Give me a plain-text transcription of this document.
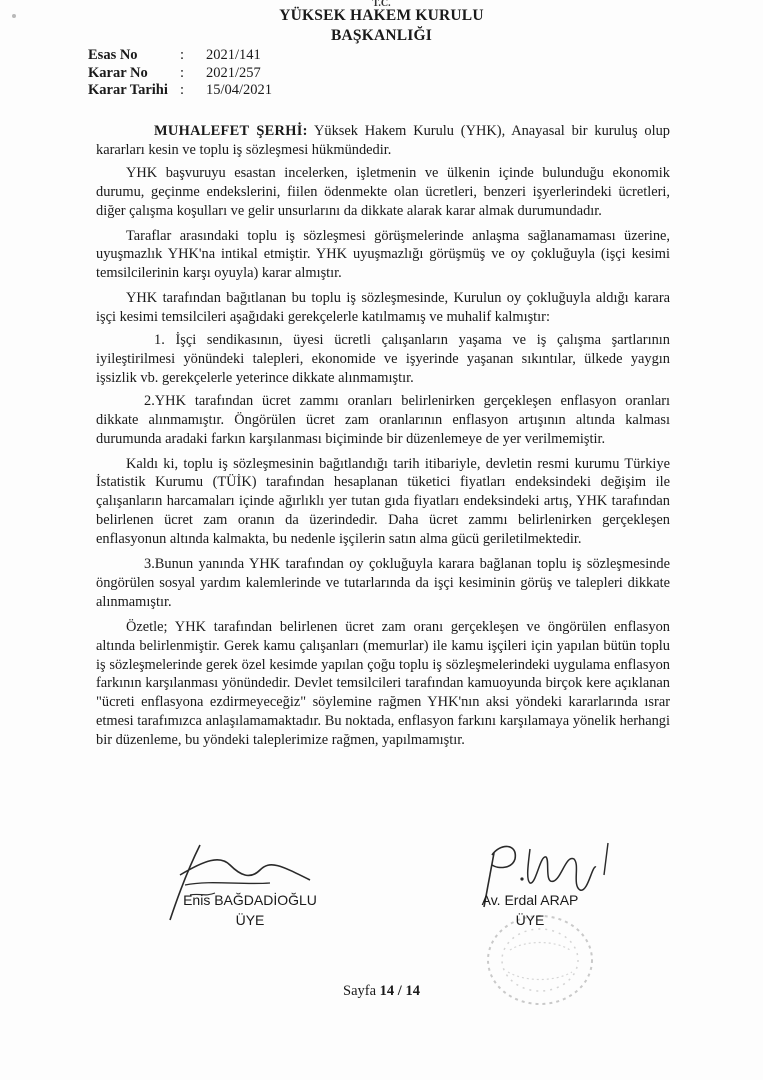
T.C.
YÜKSEK HAKEM KURULU
BAŞKANLIĞI
Esas No	:	2021/141
Karar No	:	2021/257
Karar Tarihi :	15/04/2021

MUHALEFET ŞERHİ: Yüksek Hakem Kurulu (YHK), Anayasal bir kuruluş olup kararları kesin ve toplu iş sözleşmesi hükmündedir.

YHK başvuruyu esastan incelerken, işletmenin ve ülkenin içinde bulunduğu ekonomik durumu, geçinme endekslerini, fiilen ödenmekte olan ücretleri, benzeri işyerlerindeki ücretleri, diğer çalışma koşulları ve gelir unsurlarını da dikkate alarak karar almak durumundadır.

Taraflar arasındaki toplu iş sözleşmesi görüşmelerinde anlaşma sağlanamaması üzerine, uyuşmazlık YHK'na intikal etmiştir. YHK uyuşmazlığı görüşmüş ve oy çokluğuyla (işçi kesimi temsilcilerinin karşı oyuyla) karar almıştır.

YHK tarafından bağıtlanan bu toplu iş sözleşmesinde, Kurulun oy çokluğuyla aldığı karara işçi kesimi temsilcileri aşağıdaki gerekçelerle katılmamış ve muhalif kalmıştır:

1. İşçi sendikasının, üyesi ücretli çalışanların yaşama ve iş çalışma şartlarının iyileştirilmesi yönündeki talepleri, ekonomide ve işyerinde yaşanan sıkıntılar, ülkede yaygın işsizlik vb. gerekçelerle yeterince dikkate alınmamıştır.

2.YHK tarafından ücret zammı oranları belirlenirken gerçekleşen enflasyon oranları dikkate alınmamıştır. Öngörülen ücret zam oranlarının enflasyon artışının altında kalması durumunda aradaki farkın karşılanması biçiminde bir düzenlemeye de yer verilmemiştir.

Kaldı ki, toplu iş sözleşmesinin bağıtlandığı tarih itibariyle, devletin resmi kurumu Türkiye İstatistik Kurumu (TÜİK) tarafından hesaplanan tüketici fiyatları endeksindeki değişim ile çalışanların harcamaları içinde ağırlıklı yer tutan gıda fiyatları endeksindeki artış, YHK tarafından belirlenen ücret zam oranın da üzerindedir. Daha ücret zammı belirlenirken gerçekleşen enflasyonun altında kalmakta, bu nedenle işçilerin satın alma gücü geriletilmektedir.

3.Bunun yanında YHK tarafından oy çokluğuyla karara bağlanan toplu iş sözleşmesinde öngörülen sosyal yardım kalemlerinde ve tutarlarında da işçi kesiminin görüş ve talepleri dikkate alınmamıştır.

Özetle; YHK tarafından belirlenen ücret zam oranı gerçekleşen ve öngörülen enflasyon altında belirlenmiştir. Gerek kamu çalışanları (memurlar) ile kamu işçileri için yapılan bütün toplu iş sözleşmelerinde gerek özel kesimde yapılan çoğu toplu iş sözleşmelerindeki uygulama enflasyon farkının karşılanması yönündedir. Devlet temsilcileri tarafından kamuoyunda birçok kere açıklanan "ücreti enflasyona ezdirmeyeceğiz" söylemine rağmen YHK'nın aksi yöndeki kararlarında ısrar etmesi tarafımızca anlaşılamamaktadır. Bu noktada, enflasyon farkını karşılamaya yönelik herhangi bir düzenleme, bu yöndeki taleplerimize rağmen, yapılmamıştır.

Enis BAĞDADİOĞLU
ÜYE
Av. Erdal ARAP
ÜYE
Sayfa 14 / 14
